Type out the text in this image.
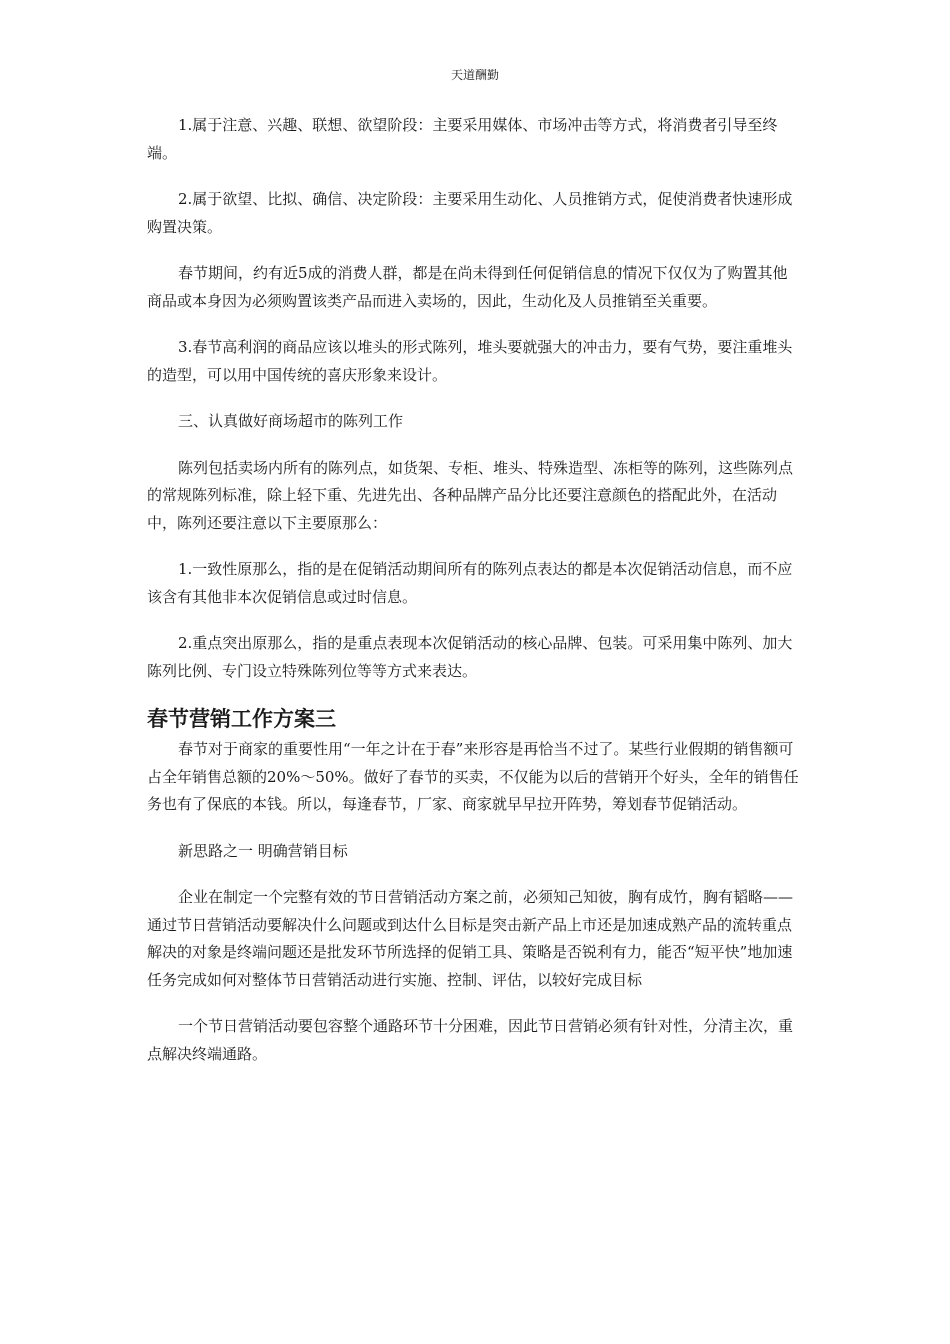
天道酬勤

1.属于注意、兴趣、联想、欲望阶段：主要采用媒体、市场冲击等方式，将消费者引导至终端。

2.属于欲望、比拟、确信、决定阶段：主要采用生动化、人员推销方式，促使消费者快速形成购置决策。

春节期间，约有近5成的消费人群，都是在尚未得到任何促销信息的情况下仅仅为了购置其他商品或本身因为必须购置该类产品而进入卖场的，因此，生动化及人员推销至关重要。

3.春节高利润的商品应该以堆头的形式陈列，堆头要就强大的冲击力，要有气势，要注重堆头的造型，可以用中国传统的喜庆形象来设计。

三、认真做好商场超市的陈列工作

陈列包括卖场内所有的陈列点，如货架、专柜、堆头、特殊造型、冻柜等的陈列，这些陈列点的常规陈列标准，除上轻下重、先进先出、各种品牌产品分比还要注意颜色的搭配此外，在活动中，陈列还要注意以下主要原那么：

1.一致性原那么，指的是在促销活动期间所有的陈列点表达的都是本次促销活动信息，而不应该含有其他非本次促销信息或过时信息。

2.重点突出原那么，指的是重点表现本次促销活动的核心品牌、包装。可采用集中陈列、加大陈列比例、专门设立特殊陈列位等等方式来表达。

春节营销工作方案三

春节对于商家的重要性用“一年之计在于春”来形容是再恰当不过了。某些行业假期的销售额可占全年销售总额的20%～50%。做好了春节的买卖，不仅能为以后的营销开个好头，全年的销售任务也有了保底的本钱。所以，每逢春节，厂家、商家就早早拉开阵势，筹划春节促销活动。

新思路之一 明确营销目标

企业在制定一个完整有效的节日营销活动方案之前，必须知己知彼，胸有成竹，胸有韬略——通过节日营销活动要解决什么问题或到达什么目标是突击新产品上市还是加速成熟产品的流转重点解决的对象是终端问题还是批发环节所选择的促销工具、策略是否锐利有力，能否“短平快”地加速任务完成如何对整体节日营销活动进行实施、控制、评估，以较好完成目标

一个节日营销活动要包容整个通路环节十分困难，因此节日营销必须有针对性，分清主次，重点解决终端通路。
